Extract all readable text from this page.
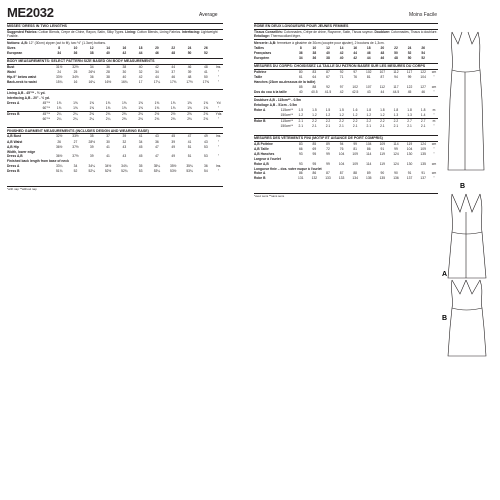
ME2032	Average	Moins Facile
MISSES' DRESS IN TWO LENGTHS
Suggested Fabrics: Cotton Blends, Crepe de Chine, Rayon, Satin, Silky Types. Lining: Cotton Blends, Lining Fabrics. Interfacing: Lightweight Fusible.
Notions: A,B: 12" (30cm) zipper (cut to fit), two ½" (1.3cm) buttons.
Sizes	8	10	12	14	16	18	20	22	24	26	
European	34	36	38	40	42	44	46	48	50	52	
BODY MEASUREMENTS: SELECT PATTERN SIZE BASED ON BODY MEASUREMENTS
Bust	31½	32½	34	36	38	40	42	44	46	48	Ins.
Waist	24	25	26½	28	30	32	34	37	39	41	"
Hip-9" below waist	33½	34½	36	38	40	42	44	46	48	50	"
Back-neck to waist	15¾	16	16¼	16½	16¾	17	17¼	17⅜	17½	17⅝	"
Lining A,B - 45"** - ½ yd.
Interfacing A,B - 20" - ½ yd.
Dress A	45"**	1⅝	1⅝	1⅝	1⅝	1⅝	1⅝	1⅝	1⅝	1⅝	1⅝	Yd
	60"**	1⅝	1⅝	1⅝	1⅝	1⅝	1⅝	1⅝	1⅝	1⅝	1⅝	"
Dress B	45"**	2¼	2¼	2⅜	2⅜	2⅜	2⅜	2½	2½	2⅝	2⅝	Yds
	60"**	2¼	2¼	2¼	2¼	2⅜	2⅜	2⅜	2⅜	2⅜	2⅜	"
FINISHED GARMENT MEASUREMENTS (INCLUDES DESIGN AND WEARING EASE)
A,B Bust	32½	33½	35	37	39	41	43	45	47	49	Ins.
A,B Waist	26	27	28½	30	32	34	36	39	41	43	"
A,B Hip	36½	37½	39	41	43	45	47	49	51	53	"
Width, lower edge
Dress A,B	36½	37½	39	41	43	45	47	49	51	53	"
Finished back length from base of neck
Dress A	33¼	34	34¼	34½	34¾	35	35¼	35½	35¾	36	Ins.
Dress B	51¾	52	52¼	52½	52¾	53	53¼	53½	53¾	54	"
*with nap **without nap
ROBE EN DEUX LONGUEURS POUR JEUNES FEMMES
Tissus Conseillés: Cotonnades, Crêpe de chine, Rayonne, Satin, Tissus soyeux. Doublure: Cotonnades, Tissus à doublure. Entoilage: Thermocollant léger.
Mercerie: A,B: fermeture à glissière de 30cm (coupée pour ajuster), 2 boutons de 1,3cm.
Tailles	8	10	12	14	16	18	20	22	24	26	
Françaises	36	38	40	42	44	46	48	50	52	54	
Européen	34	36	38	40	42	44	46	48	50	52	
MESURES DU CORPS: CHOISISSEZ LA TAILLE DU PATRON BASÉE SUR LES MESURES DU CORPS
Poitrine	80	83	87	92	97	102	107	112	117	122	cm
Taille	61	64	67	71	76	81	87	94	99	104	"
Hanches (23cm au-dessous de la taille)											
	85	88	92	97	102	107	112	117	122	127	cm
Dos du cou à la taille	40	40.5	41.5	42	42.5	43	44	44.5	45	46	"
Doublure A,B - 115cm** - 0.5m
Entoilage A,B - 51cm - 0.5m
Robe A	115cm**	1.5	1.5	1.5	1.5	1.6	1.8	1.8	1.8	1.8	1.8	m
	150cm**	1.2	1.2	1.2	1.2	1.2	1.2	1.2	1.3	1.3	1.4	"
Robe B	115cm**	2.1	2.2	2.2	2.2	2.2	2.2	2.2	2.2	2.7	2.7	m
	150cm**	2.1	2.1	2.1	2.1	2.1	2.1	2.1	2.1	2.1	2.1	"
MESURES DES VÊTEMENTS FINI (MOTIF ET AISANCE DE PORT COMPRIS)
A,B Poitrine	83	85	89	94	99	104	109	114	119	124	cm
A,B Taille	66	69	72	76	81	86	91	99	104	109	"
A,B Hanches	93	95	99	104	109	114	119	124	130	135	"
Largeur à l'ourlet
Robe A,B	93	95	99	104	109	114	119	124	130	135	cm
Longueur finie – dos. votre nuque à l'ourlet
Robe A	86	86	87	87	88	89	90	90	91	91	cm
Robe B	131	132	133	133	134	135	135	136	137	137	"
*avec sens **sans sens
B
A
B
